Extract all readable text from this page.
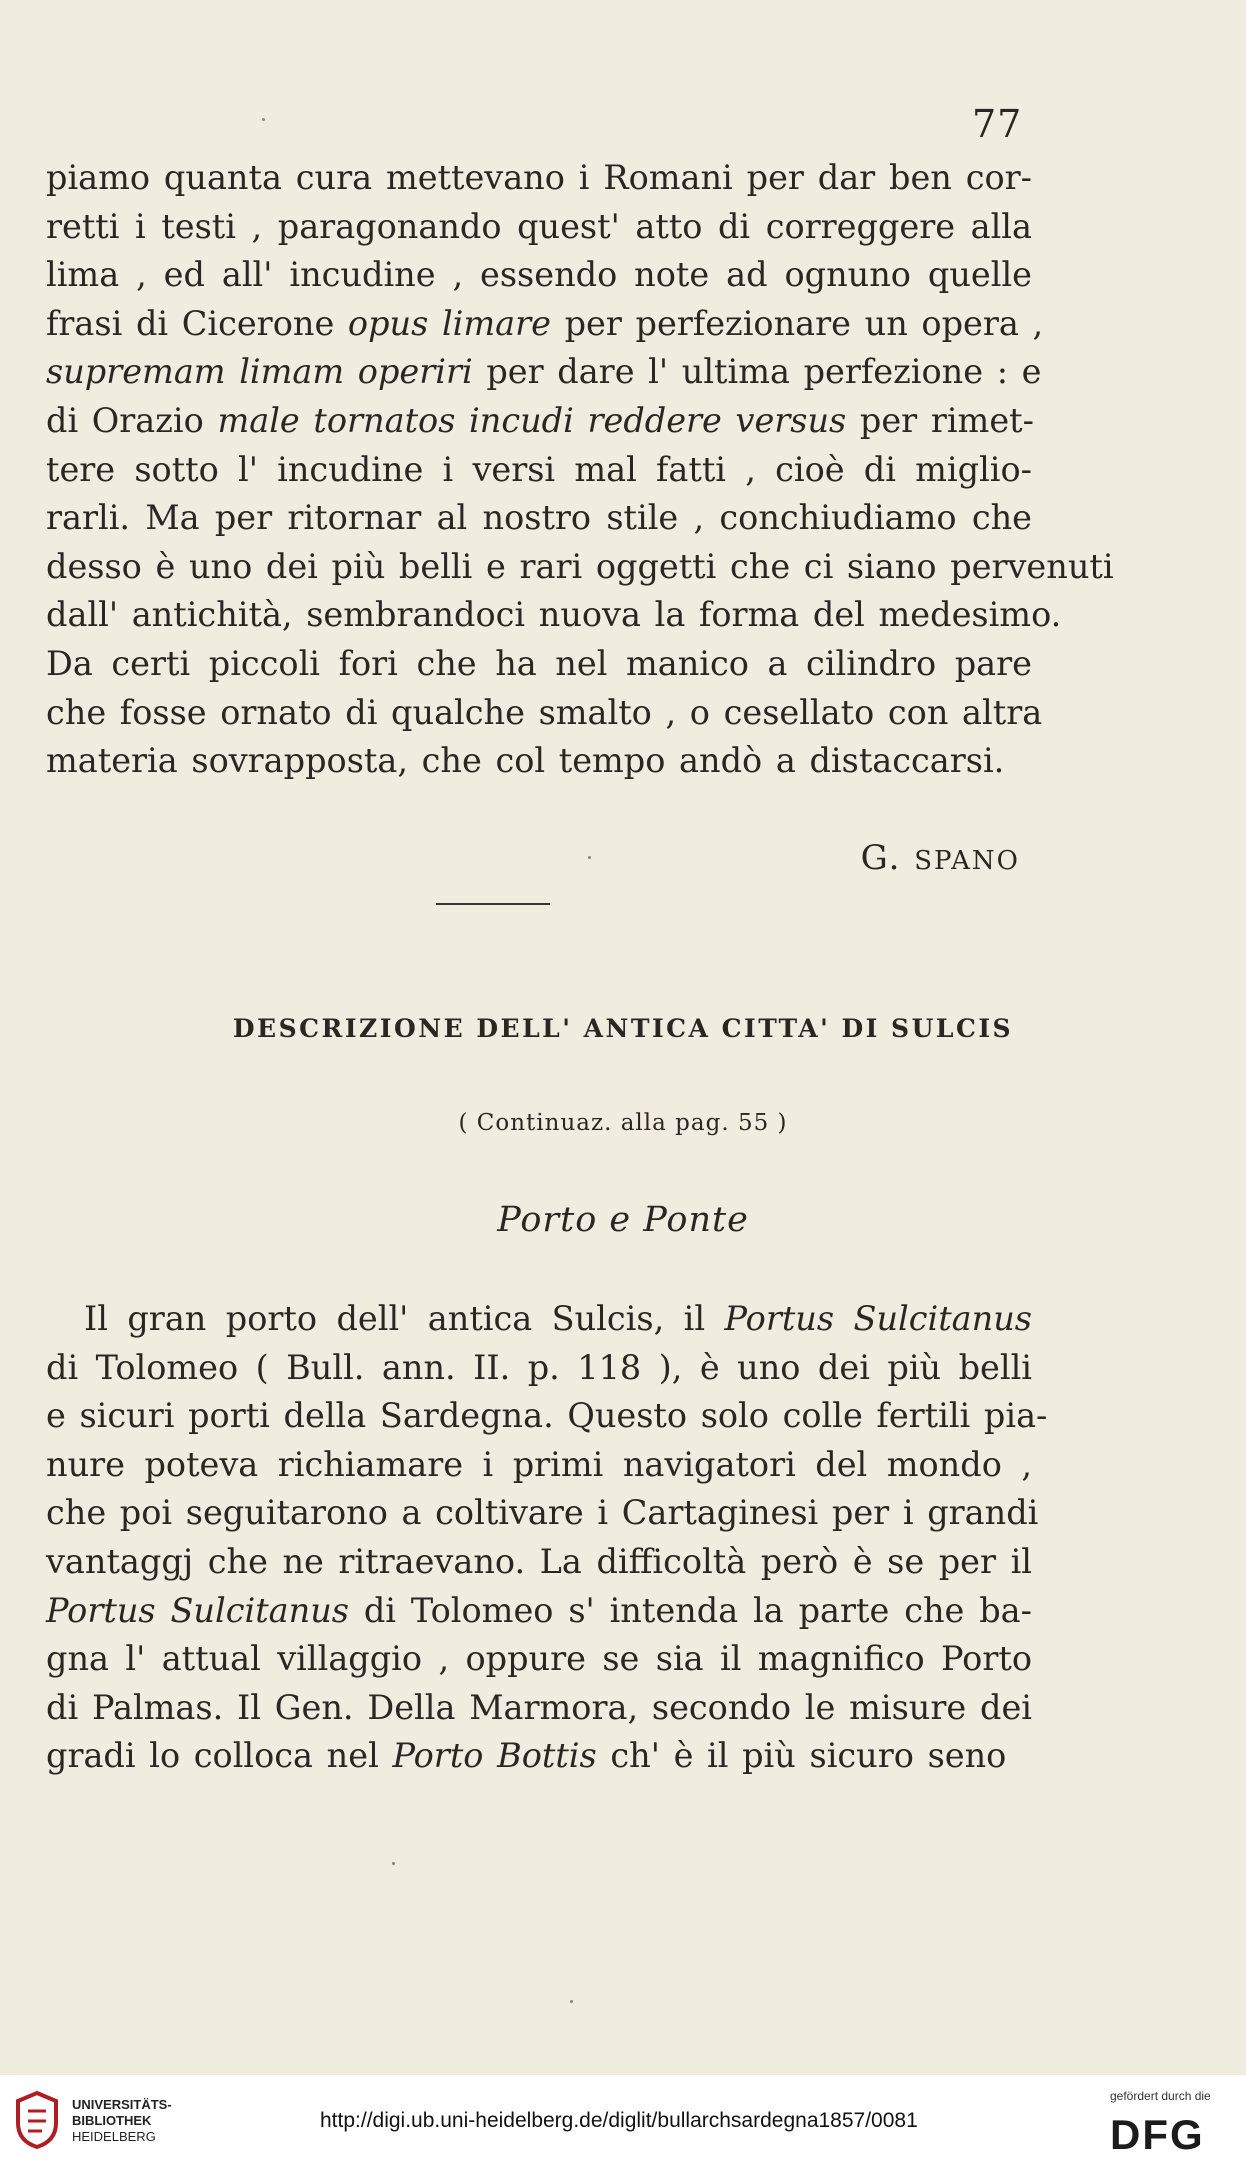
77
piamo quanta cura mettevano i Romani per dar ben cor-
retti i testi , paragonando quest' atto di correggere alla
lima , ed all' incudine , essendo note ad ognuno quelle
frasi di Cicerone opus limare per perfezionare un opera ,
supremam limam operiri per dare l' ultima perfezione : e
di Orazio male tornatos incudi reddere versus per rimet-
tere sotto l' incudine i versi mal fatti , cioè di miglio-
rarli. Ma per ritornar al nostro stile , conchiudiamo che
desso è uno dei più belli e rari oggetti che ci siano pervenuti
dall' antichità, sembrandoci nuova la forma del medesimo.
Da certi piccoli fori che ha nel manico a cilindro pare
che fosse ornato di qualche smalto , o cesellato con altra
materia sovrapposta, che col tempo andò a distaccarsi.
G. SPANO
DESCRIZIONE DELL' ANTICA CITTA' DI SULCIS
( Continuaz. alla pag. 55 )
Porto e Ponte
Il gran porto dell' antica Sulcis, il Portus Sulcitanus
di Tolomeo ( Bull. ann. II. p. 118 ), è uno dei più belli
e sicuri porti della Sardegna. Questo solo colle fertili pia-
nure poteva richiamare i primi navigatori del mondo ,
che poi seguitarono a coltivare i Cartaginesi per i grandi
vantaggj che ne ritraevano. La difficoltà però è se per il
Portus Sulcitanus di Tolomeo s' intenda la parte che ba-
gna l' attual villaggio , oppure se sia il magnifico Porto
di Palmas. Il Gen. Della Marmora, secondo le misure dei
gradi lo colloca nel Porto Bottis ch' è il più sicuro seno
UNIVERSITÄTS-
BIBLIOTHEK
HEIDELBERG
http://digi.ub.uni-heidelberg.de/diglit/bullarchsardegna1857/0081
gefördert durch die
DFG
